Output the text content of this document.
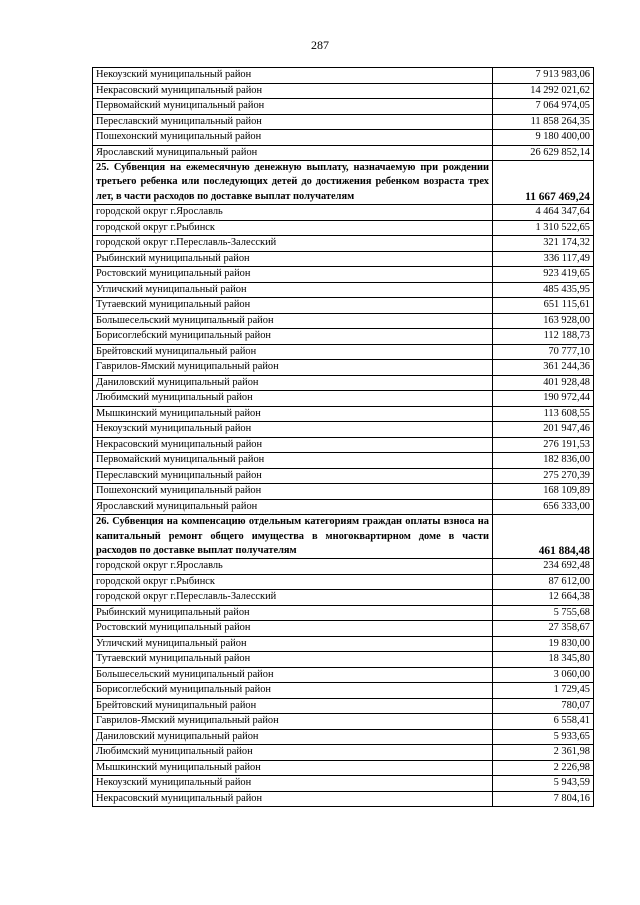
287
Некоузский муниципальный район	7 913 983,06
Некрасовский муниципальный район	14 292 021,62
Первомайский муниципальный район	7 064 974,05
Переславский муниципальный район	11 858 264,35
Пошехонский муниципальный район	9 180 400,00
Ярославский муниципальный район	26 629 852,14
25. Субвенция на ежемесячную денежную выплату, назначаемую при рождении третьего ребенка или последующих детей до достижения ребенком возраста трех лет, в части расходов по доставке выплат получателям	11 667 469,24
городской округ г.Ярославль	4 464 347,64
городской округ г.Рыбинск	1 310 522,65
городской округ г.Переславль-Залесский	321 174,32
Рыбинский муниципальный район	336 117,49
Ростовский муниципальный район	923 419,65
Угличский муниципальный район	485 435,95
Тутаевский муниципальный район	651 115,61
Большесельский муниципальный район	163 928,00
Борисоглебский муниципальный район	112 188,73
Брейтовский муниципальный район	70 777,10
Гаврилов-Ямский муниципальный район	361 244,36
Даниловский муниципальный район	401 928,48
Любимский муниципальный район	190 972,44
Мышкинский муниципальный район	113 608,55
Некоузский муниципальный район	201 947,46
Некрасовский муниципальный район	276 191,53
Первомайский муниципальный район	182 836,00
Переславский муниципальный район	275 270,39
Пошехонский муниципальный район	168 109,89
Ярославский муниципальный район	656 333,00
26. Субвенция на компенсацию отдельным категориям граждан оплаты взноса на капитальный ремонт общего имущества в многоквартирном доме в части расходов по доставке выплат получателям	461 884,48
городской округ г.Ярославль	234 692,48
городской округ г.Рыбинск	87 612,00
городской округ г.Переславль-Залесский	12 664,38
Рыбинский муниципальный район	5 755,68
Ростовский муниципальный район	27 358,67
Угличский муниципальный район	19 830,00
Тутаевский муниципальный район	18 345,80
Большесельский муниципальный район	3 060,00
Борисоглебский муниципальный район	1 729,45
Брейтовский муниципальный район	780,07
Гаврилов-Ямский муниципальный район	6 558,41
Даниловский муниципальный район	5 933,65
Любимский муниципальный район	2 361,98
Мышкинский муниципальный район	2 226,98
Некоузский муниципальный район	5 943,59
Некрасовский муниципальный район	7 804,16
